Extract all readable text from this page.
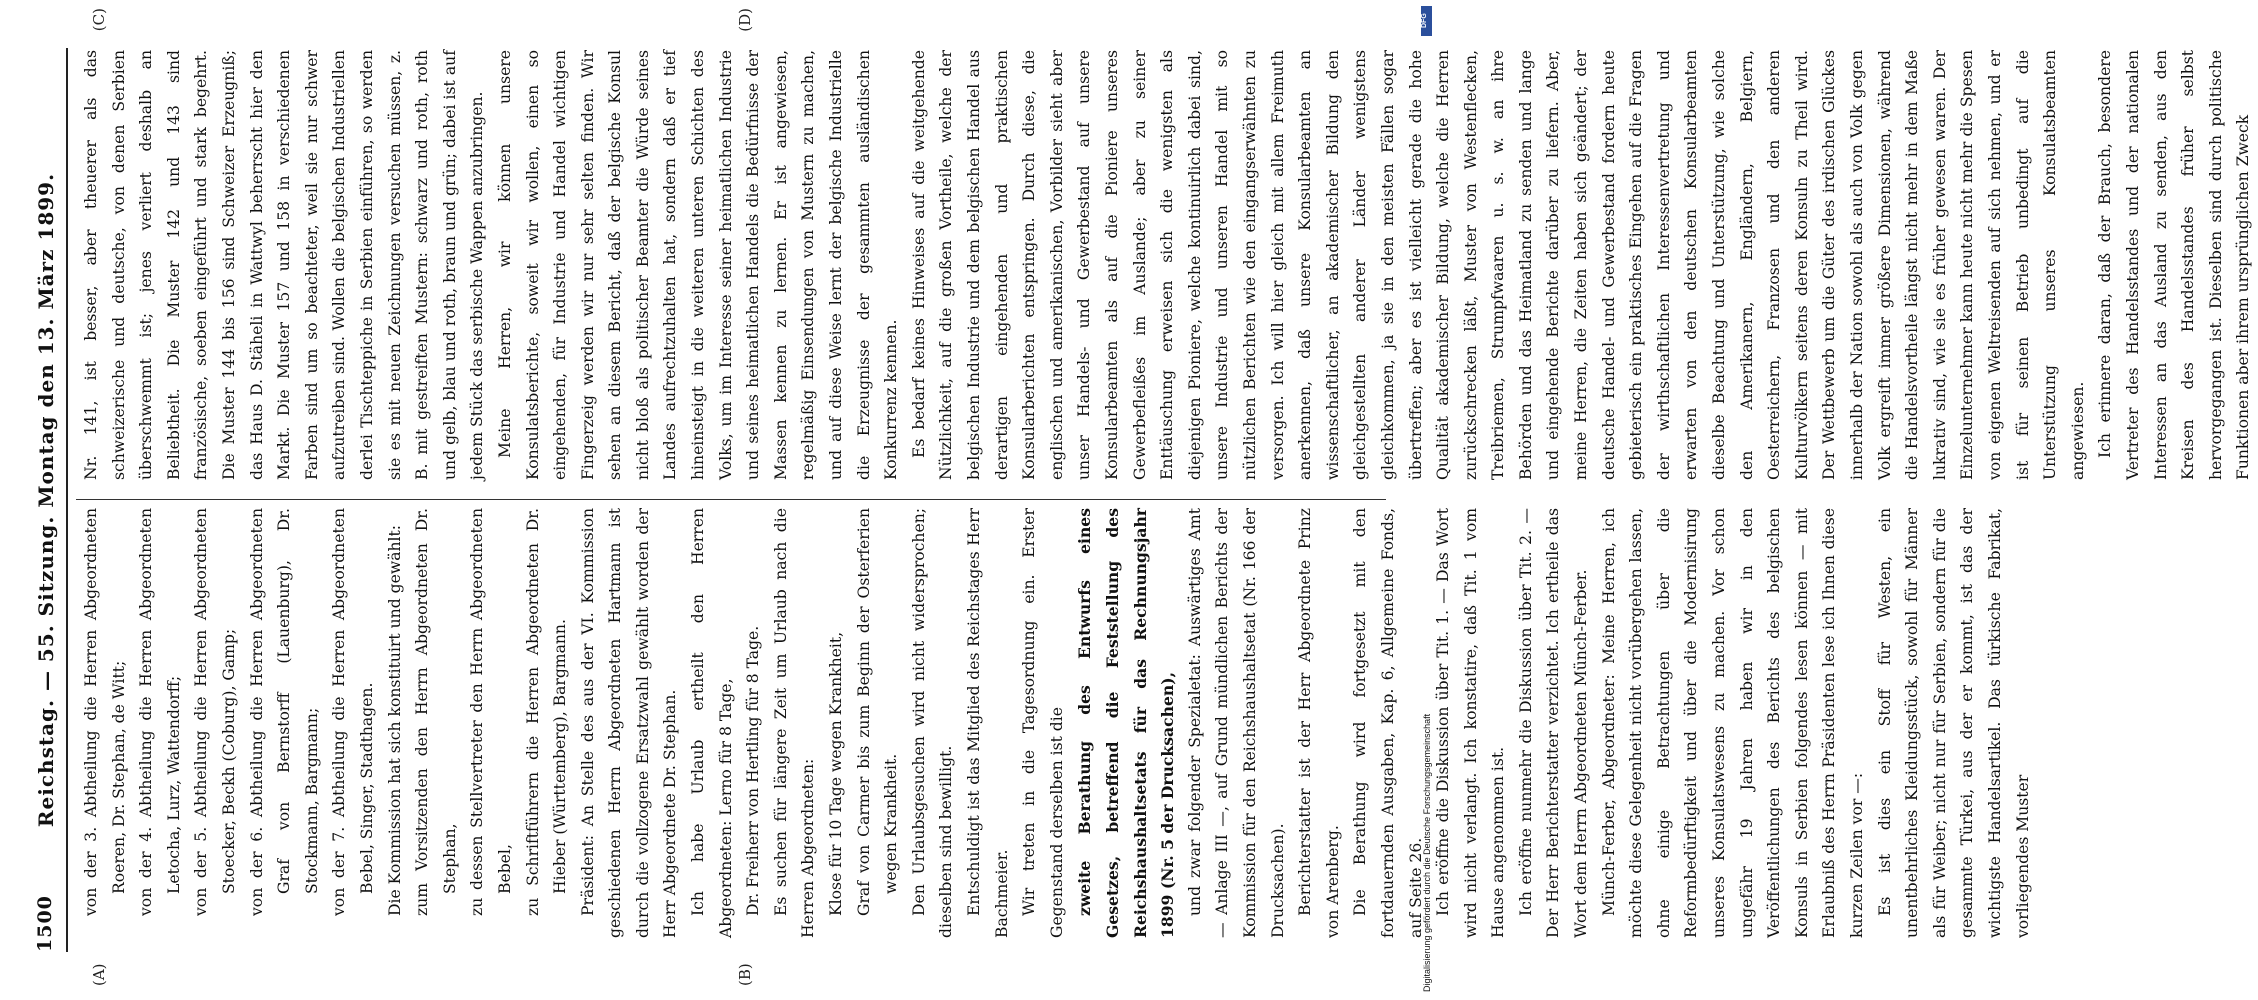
1500
Reichstag. — 55. Sitzung. Montag den 13. März 1899.
(A)	(B)
(C)	(D)

von der 3. Abtheilung die Herren Abgeordneten Roeren, Dr. Stephan, de Witt; von der 4. Abtheilung die Herren Abgeordneten Letocha, Lurz, Wattendorff; von der 5. Abtheilung die Herren Abgeordneten Stoecker, Beckh (Coburg), Gamp; von der 6. Abtheilung die Herren Abgeordneten Graf von Bernstorff (Lauenburg), Dr. Stockmann, Bargmann; von der 7. Abtheilung die Herren Abgeordneten Bebel, Singer, Stadthagen. Die Kommission hat sich konstituirt und gewählt: zum Vorsitzenden den Herrn Abgeordneten Dr. Stephan, zu dessen Stellvertreter den Herrn Abgeordneten Bebel, zu Schriftführern die Herren Abgeordneten Dr. Hieber (Württemberg), Bargmann. Präsident: An Stelle des aus der VI. Kommission geschiedenen Herrn Abgeordneten Hartmann ist durch die vollzogene Ersatzwahl gewählt worden der Herr Abgeordnete Dr. Stephan. Ich habe Urlaub ertheilt den Herren Abgeordneten: Lerno für 8 Tage, Dr. Freiherr von Hertling für 8 Tage. Es suchen für längere Zeit um Urlaub nach die Herren Abgeordneten: Klose für 10 Tage wegen Krankheit, Graf von Carmer bis zum Beginn der Osterferien wegen Krankheit. Den Urlaubsgesuchen wird nicht widersprochen; dieselben sind bewilligt. Entschuldigt ist das Mitglied des Reichstages Herr Bachmeier. Wir treten in die Tagesordnung ein. Erster Gegenstand derselben ist die zweite Berathung des Entwurfs eines Gesetzes, betreffend die Feststellung des Reichshaushaltsetats für das Rechnungsjahr 1899 (Nr. 5 der Drucksachen), und zwar folgender Spezialetat: Auswärtiges Amt — Anlage III —, auf Grund mündlichen Berichts der Kommission für den Reichshaushaltsetat (Nr. 166 der Drucksachen). Berichterstatter ist der Herr Abgeordnete Prinz von Arenberg. Die Berathung wird fortgesetzt mit den fortdauernden Ausgaben, Kap. 6, Allgemeine Fonds, auf Seite 26. Ich eröffne die Diskussion über Tit. 1. — Das Wort wird nicht verlangt. Ich konstatire, daß Tit. 1 vom Hause angenommen ist. Ich eröffne nunmehr die Diskussion über Tit. 2. — Der Herr Berichterstatter verzichtet. Ich ertheile das Wort dem Herrn Abgeordneten Münch-Ferber. Münch-Ferber, Abgeordneter: Meine Herren, ich möchte diese Gelegenheit nicht vorübergehen lassen, ohne einige Betrachtungen über die Reformbedürftigkeit und über die Modernisirung unseres Konsulatswesens zu machen. Vor schon ungefähr 19 Jahren haben wir in den Veröffentlichungen des Berichts des belgischen Konsuls in Serbien folgendes lesen können — mit Erlaubniß des Herrn Präsidenten lese ich Ihnen diese kurzen Zeilen vor —: Es ist dies ein Stoff für Westen, ein unentbehrliches Kleidungsstück, sowohl für Männer als für Weiber; nicht nur für Serbien, sondern für die gesammte Türkei, aus der er kommt, ist das der wichtigste Handelsartikel. Das türkische Fabrikat, vorliegendes Muster

Nr. 141, ist besser, aber theuerer als das schweizerische und deutsche, von denen Serbien überschwemmt ist; jenes verliert deshalb an Beliebtheit. Die Muster 142 und 143 sind französische, soeben eingeführt und stark begehrt. Die Muster 144 bis 156 sind Schweizer Erzeugniß; das Haus D. Stäheli in Wattwyl beherrscht hier den Markt. Die Muster 157 und 158 in verschiedenen Farben sind um so beachteter, weil sie nur schwer aufzutreiben sind. Wollen die belgischen Industriellen derlei Tischteppiche in Serbien einführen, so werden sie es mit neuen Zeichnungen versuchen müssen, z. B. mit gestreiften Mustern: schwarz und roth, roth und gelb, blau und roth, braun und grün; dabei ist auf jedem Stück das serbische Wappen anzubringen. Meine Herren, wir können unsere Konsulatsberichte, soweit wir wollen, einen so eingehenden, für Industrie und Handel wichtigen Fingerzeig werden wir nur sehr selten finden. Wir sehen an diesem Bericht, daß der belgische Konsul nicht bloß als politischer Beamter die Würde seines Landes aufrechtzuhalten hat, sondern daß er tief hineinsteigt in die weiteren unteren Schichten des Volks, um im Interesse seiner heimatlichen Industrie und seines heimatlichen Handels die Bedürfnisse der Massen kennen zu lernen. Er ist angewiesen, regelmäßig Einsendungen von Mustern zu machen, und auf diese Weise lernt der belgische Industrielle die Erzeugnisse der gesammten ausländischen Konkurrenz kennen. Es bedarf keines Hinweises auf die weitgehende Nützlichkeit, auf die großen Vortheile, welche der belgischen Industrie und dem belgischen Handel aus derartigen eingehenden und praktischen Konsularberichten entspringen. Durch diese, die englischen und amerikanischen, Vorbilder sieht aber unser Handels- und Gewerbestand auf unsere Konsularbeamten als auf die Pioniere unseres Gewerbefleißes im Auslande; aber zu seiner Enttäuschung erweisen sich die wenigsten als diejenigen Pioniere, welche kontinuirlich dabei sind, unsere Industrie und unseren Handel mit so nützlichen Berichten wie den eingangserwähnten zu versorgen. Ich will hier gleich mit allem Freimuth anerkennen, daß unsere Konsularbeamten an wissenschaftlicher, an akademischer Bildung den gleichgestellten anderer Länder wenigstens gleichkommen, ja sie in den meisten Fällen sogar übertreffen; aber es ist vielleicht gerade die hohe Qualität akademischer Bildung, welche die Herren zurückschrecken läßt, Muster von Westenflecken, Treibriemen, Strumpfwaaren u. s. w. an ihre Behörden und das Heimatland zu senden und lange und eingehende Berichte darüber zu liefern. Aber, meine Herren, die Zeiten haben sich geändert; der deutsche Handel- und Gewerbestand fordern heute gebieterisch ein praktisches Eingehen auf die Fragen der wirthschaftlichen Interessenvertretung und erwarten von den deutschen Konsularbeamten dieselbe Beachtung und Unterstützung, wie solche den Amerikanern, Engländern, Belgiern, Oesterreichern, Franzosen und den anderen Kulturvölkern seitens deren Konsuln zu Theil wird. Der Wettbewerb um die Güter des irdischen Glückes innerhalb der Nation sowohl als auch von Volk gegen Volk ergreift immer größere Dimensionen, während die Handelsvortheile längst nicht mehr in dem Maße lukrativ sind, wie sie es früher gewesen waren. Der Einzelunternehmer kann heute nicht mehr die Spesen von eigenen Weltreisenden auf sich nehmen, und er ist für seinen Betrieb unbedingt auf die Unterstützung unseres Konsulatsbeamten angewiesen. Ich erinnere daran, daß der Brauch, besondere Vertreter des Handelsstandes und der nationalen Interessen an das Ausland zu senden, aus den Kreisen des Handelsstandes früher selbst hervorgegangen ist. Dieselben sind durch politische Funktionen aber ihrem ursprünglichen Zweck

DFG
Digitalisierung gefördert durch die Deutsche Forschungsgemeinschaft
